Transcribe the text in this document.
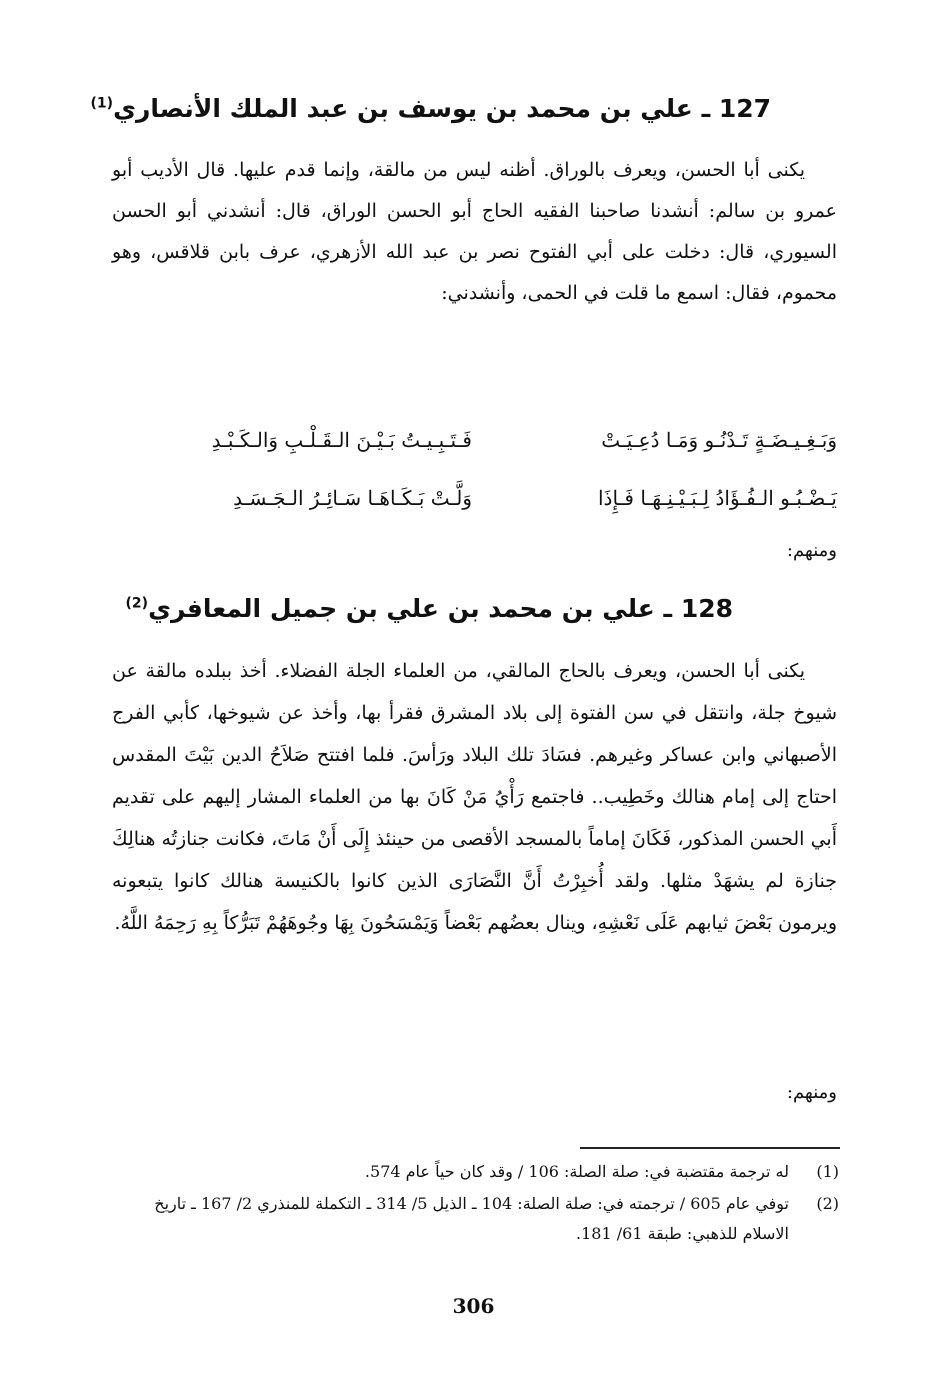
127 ـ علي بن محمد بن يوسف بن عبد الملك الأنصاري$^{(1)}$
يكنى أبا الحسن، ويعرف بالوراق. أظنه ليس من مالقة، وإنما قدم عليها. قال الأديب أبو عمرو بن سالم: أنشدنا صاحبنا الفقيه الحاج أبو الحسن الوراق، قال: أنشدني أبو الحسن السيوري، قال: دخلت على أبي الفتوح نصر بن عبد الله الأزهري، عرف بابن قلاقس، وهو محموم، فقال: اسمع ما قلت في الحمى، وأنشدني:
وَبَـغِـيـضَـةٍ تَـدْنُـو وَمَـا دُعِـيَـتْ
فَـتَـبِـيـتُ بَـيْـنَ الـقَـلْـبِ وَالـكَـبْـدِ
يَـضْـبُـو الـفُـؤَادُ لِـبَـيْـنِـهَـا فَـإِذَا
وَلَّـتْ بَـكَـاهَـا سَـائِـرُ الـجَـسَـدِ
ومنهم:
128 ـ علي بن محمد بن علي بن جميل المعافري$^{(2)}$
يكنى أبا الحسن، ويعرف بالحاج المالقي، من العلماء الجلة الفضلاء. أخذ ببلده مالقة عن شيوخ جلة، وانتقل في سن الفتوة إلى بلاد المشرق فقرأ بها، وأخذ عن شيوخها، كأبي الفرج الأصبهاني وابن عساكر وغيرهم. فسَادَ تلك البلاد ورَأسَ. فلما افتتح صَلاَحُ الدين بَيْتَ المقدس احتاج إلى إمام هنالك وخَطِيب.. فاجتمع رَأْيُ مَنْ كَانَ بها من العلماء المشار إليهم على تقديم أَبي الحسن المذكور، فَكَانَ إماماً بالمسجد الأقصى من حينئذ إِلَى أَنْ مَاتَ، فكانت جنازتُه هنالِكَ جنازة لم يشهَدْ مثلها. ولقد أُخبِرْتُ أَنَّ النَّصَارَى الذين كانوا بالكنيسة هنالك كانوا يتبعونه ويرمون بَعْضَ ثيابهم عَلَى نَعْشِهِ، وينال بعضُهم بَعْضاً وَيَمْسَحُونَ بِهَا وجُوهَهُمْ تَبَرُّكاً بِهِ رَحِمَهُ اللَّهُ.
ومنهم:
(1)
له ترجمة مقتضبة في: صلة الصلة: 106 / وقد كان حياً عام 574.
(2)
توفي عام 605 / ترجمته في: صلة الصلة: 104 ـ الذيل 5/ 314 ـ التكملة للمنذري 2/ 167 ـ تاريخ الاسلام للذهبي: طبقة 61/ 181.
306
